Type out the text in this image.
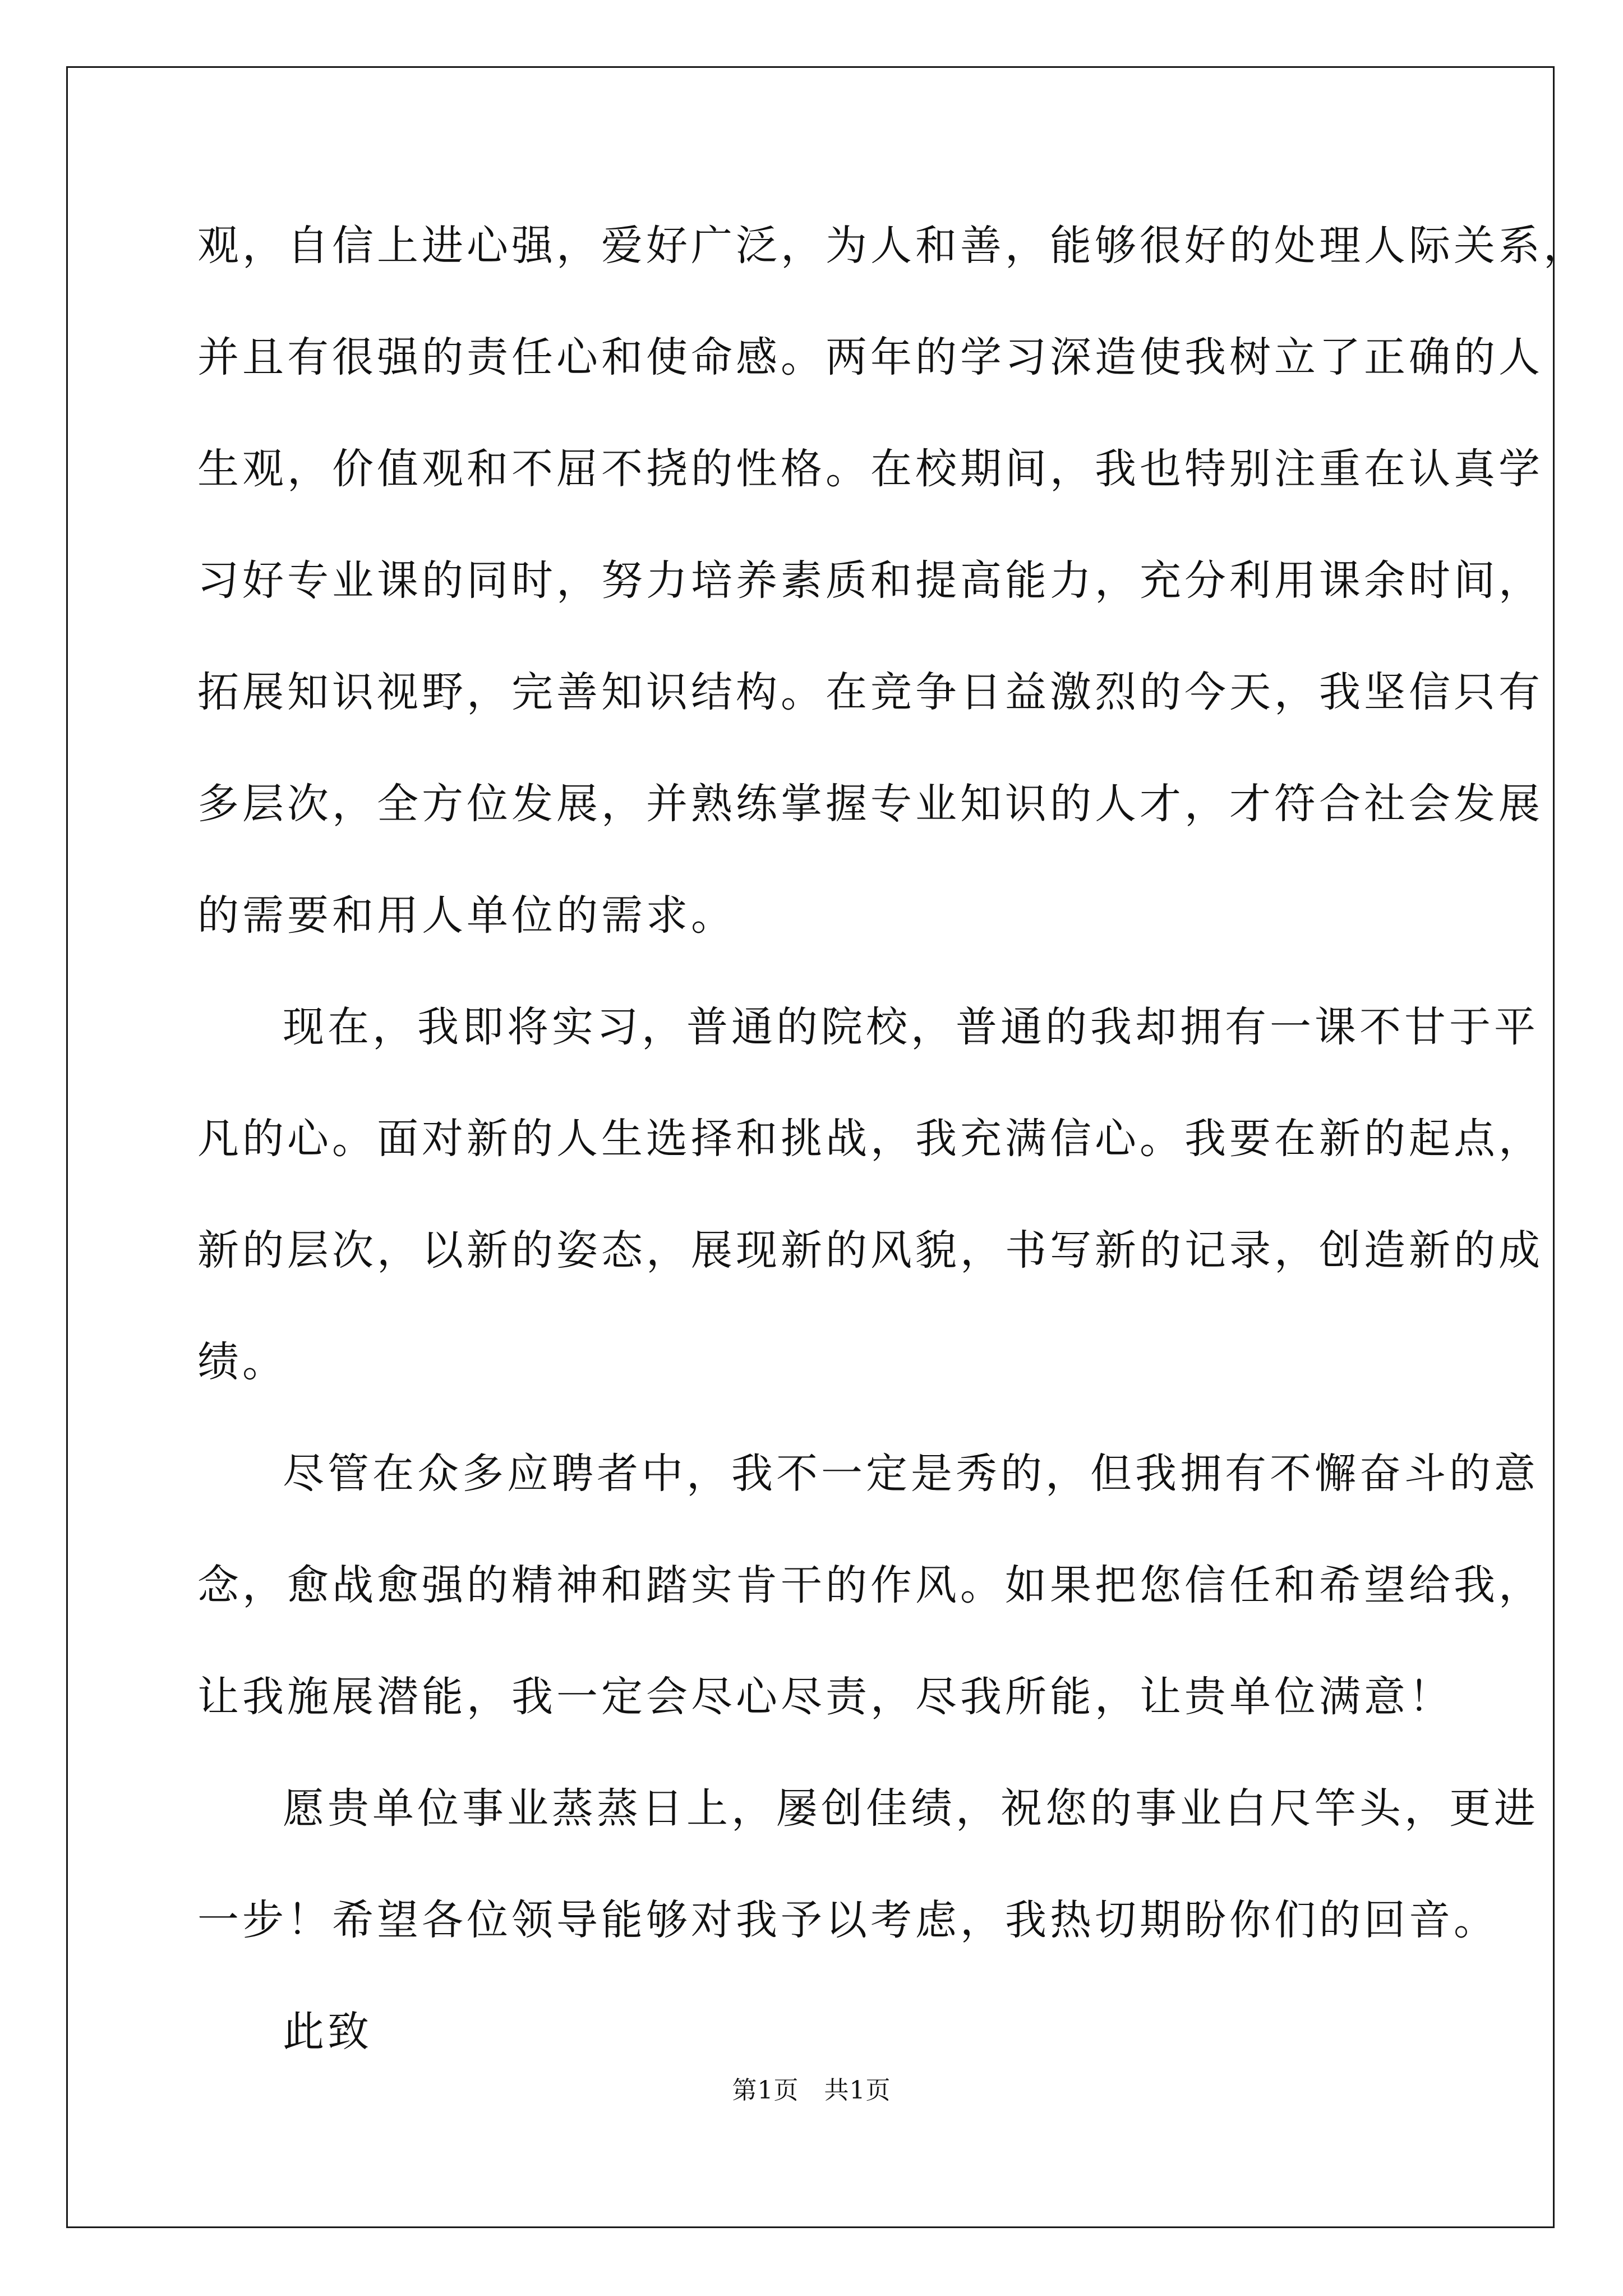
观，自信上进心强，爱好广泛，为人和善，能够很好的处理人际关系，
并且有很强的责任心和使命感。两年的学习深造使我树立了正确的人
生观，价值观和不屈不挠的性格。在校期间，我也特别注重在认真学
习好专业课的同时，努力培养素质和提高能力，充分利用课余时间，
拓展知识视野，完善知识结构。在竞争日益激烈的今天，我坚信只有
多层次，全方位发展，并熟练掌握专业知识的人才，才符合社会发展
的需要和用人单位的需求。
现在，我即将实习，普通的院校，普通的我却拥有一课不甘于平
凡的心。面对新的人生选择和挑战，我充满信心。我要在新的起点，
新的层次，以新的姿态，展现新的风貌，书写新的记录，创造新的成
绩。
尽管在众多应聘者中，我不一定是秀的，但我拥有不懈奋斗的意
念，愈战愈强的精神和踏实肯干的作风。如果把您信任和希望给我，
让我施展潜能，我一定会尽心尽责，尽我所能，让贵单位满意！
愿贵单位事业蒸蒸日上，屡创佳绩，祝您的事业白尺竿头，更进
一步！希望各位领导能够对我予以考虑，我热切期盼你们的回音。
此致
第1页   共1页
